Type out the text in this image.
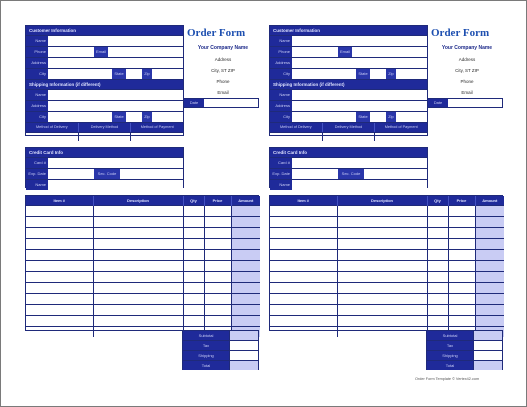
Customer Information
Name
Phone	Email
Address
City	State	Zip
Shipping Information (if different)
Name
Address
City	State	Zip
Method of Delivery	Delivery Method	Method of Payment
Order Form
Your Company Name
Address
City, ST ZIP
Phone
Email
Date
Credit Card Info
Card #
Exp. Date	Sec. Code
Name
Item #	Description	Qty	Price	Amount

Subtotal
Tax
Shipping
Total
Customer Information
Name
Phone	Email
Address
City	State	Zip
Shipping Information (if different)
Name
Address
City	State	Zip
Method of Delivery	Delivery Method	Method of Payment
Order Form
Your Company Name
Address
City, ST ZIP
Phone
Email
Date
Credit Card Info
Card #
Exp. Date	Sec. Code
Name
Item #	Description	Qty	Price	Amount

Subtotal
Tax
Shipping
Total
Order Form Template © Vertex42.com
